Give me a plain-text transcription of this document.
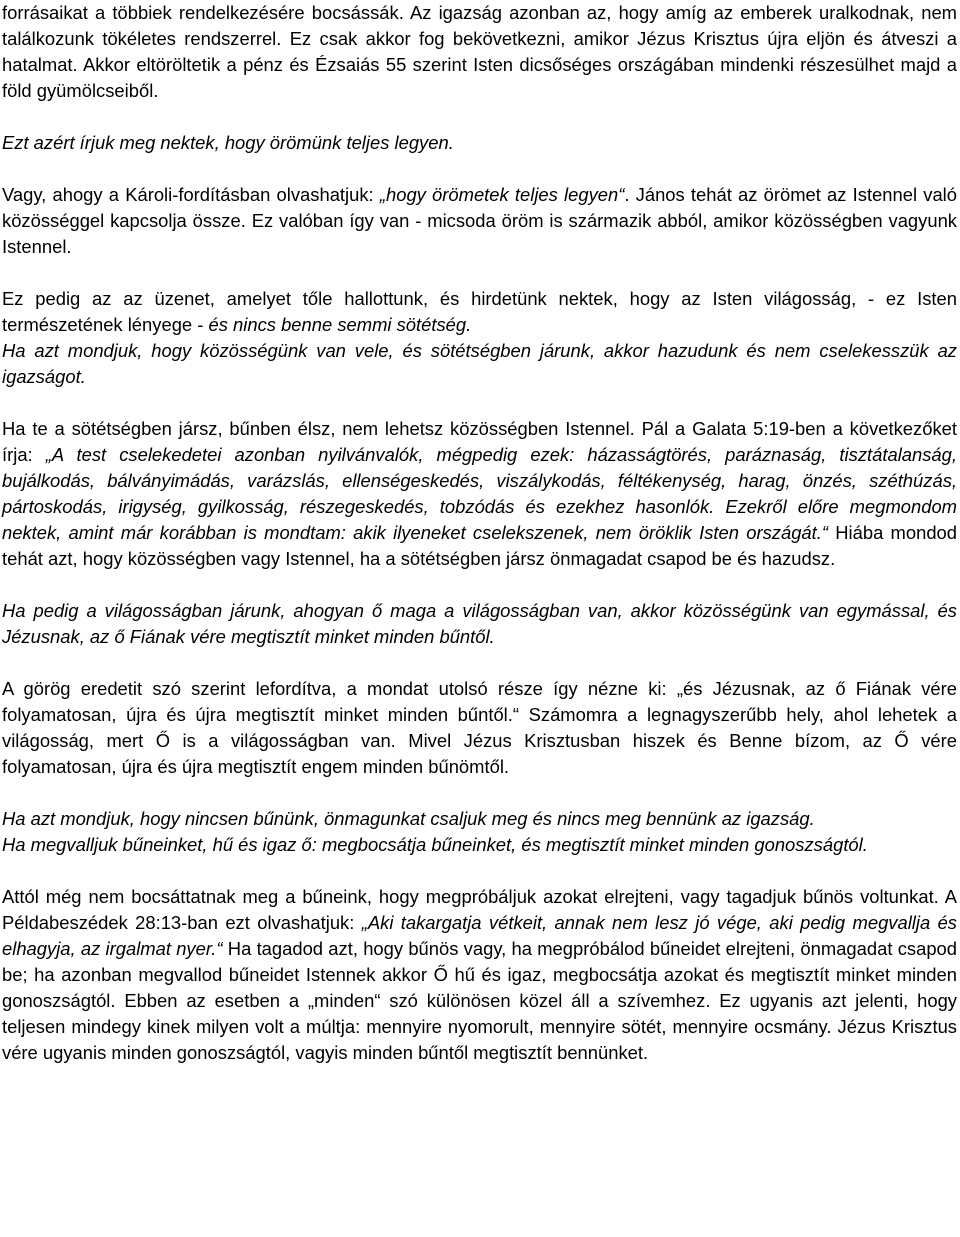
forrásaikat a többiek rendelkezésére bocsássák. Az igazság azonban az, hogy amíg az emberek uralkodnak, nem találkozunk tökéletes rendszerrel. Ez csak akkor fog bekövetkezni, amikor Jézus Krisztus újra eljön és átveszi a hatalmat. Akkor eltöröltetik a pénz és Ézsaiás 55 szerint Isten dicsőséges országában mindenki részesülhet majd a föld gyümölcseiből.

Ezt azért írjuk meg nektek, hogy örömünk teljes legyen.

Vagy, ahogy a Károli-fordításban olvashatjuk: „hogy örömetek teljes legyen“. János tehát az örömet az Istennel való közösséggel kapcsolja össze. Ez valóban így van - micsoda öröm is származik abból, amikor közösségben vagyunk Istennel.

Ez pedig az az üzenet, amelyet tőle hallottunk, és hirdetünk nektek, hogy az Isten világosság, - ez Isten természetének lényege - és nincs benne semmi sötétség.

Ha azt mondjuk, hogy közösségünk van vele, és sötétségben járunk, akkor hazudunk és nem cselekesszük az igazságot.

Ha te a sötétségben jársz, bűnben élsz, nem lehetsz közösségben Istennel. Pál a Galata 5:19-ben a következőket írja: „A test cselekedetei azonban nyilvánvalók, mégpedig ezek: házasságtörés, paráznaság, tisztátalanság, bujálkodás, bálványimádás, varázslás, ellenségeskedés, viszálykodás, féltékenység, harag, önzés, széthúzás, pártoskodás, irigység, gyilkosság, részegeskedés, tobzódás és ezekhez hasonlók. Ezekről előre megmondom nektek, amint már korábban is mondtam: akik ilyeneket cselekszenek, nem öröklik Isten országát.“ Hiába mondod tehát azt, hogy közösségben vagy Istennel, ha a sötétségben jársz önmagadat csapod be és hazudsz.

Ha pedig a világosságban járunk, ahogyan ő maga a világosságban van, akkor közösségünk van egymással, és Jézusnak, az ő Fiának vére megtisztít minket minden bűntől.

A görög eredetit szó szerint lefordítva, a mondat utolsó része így nézne ki: „és Jézusnak, az ő Fiának vére folyamatosan, újra és újra megtisztít minket minden bűntől.“ Számomra a legnagyszerűbb hely, ahol lehetek a világosság, mert Ő is a világosságban van. Mivel Jézus Krisztusban hiszek és Benne bízom, az Ő vére folyamatosan, újra és újra megtisztít engem minden bűnömtől.

Ha azt mondjuk, hogy nincsen bűnünk, önmagunkat csaljuk meg és nincs meg bennünk az igazság.

Ha megvalljuk bűneinket, hű és igaz ő: megbocsátja bűneinket, és megtisztít minket minden gonoszságtól.

Attól még nem bocsáttatnak meg a bűneink, hogy megpróbáljuk azokat elrejteni, vagy tagadjuk bűnös voltunkat. A Példabeszédek 28:13-ban ezt olvashatjuk: „Aki takargatja vétkeit, annak nem lesz jó vége, aki pedig megvallja és elhagyja, az irgalmat nyer.“ Ha tagadod azt, hogy bűnös vagy, ha megpróbálod bűneidet elrejteni, önmagadat csapod be; ha azonban megvallod bűneidet Istennek akkor Ő hű és igaz, megbocsátja azokat és megtisztít minket minden gonoszságtól. Ebben az esetben a „minden“ szó különösen közel áll a szívemhez. Ez ugyanis azt jelenti, hogy teljesen mindegy kinek milyen volt a múltja: mennyire nyomorult, mennyire sötét, mennyire ocsmány. Jézus Krisztus vére ugyanis minden gonoszságtól, vagyis minden bűntől megtisztít bennünket.
